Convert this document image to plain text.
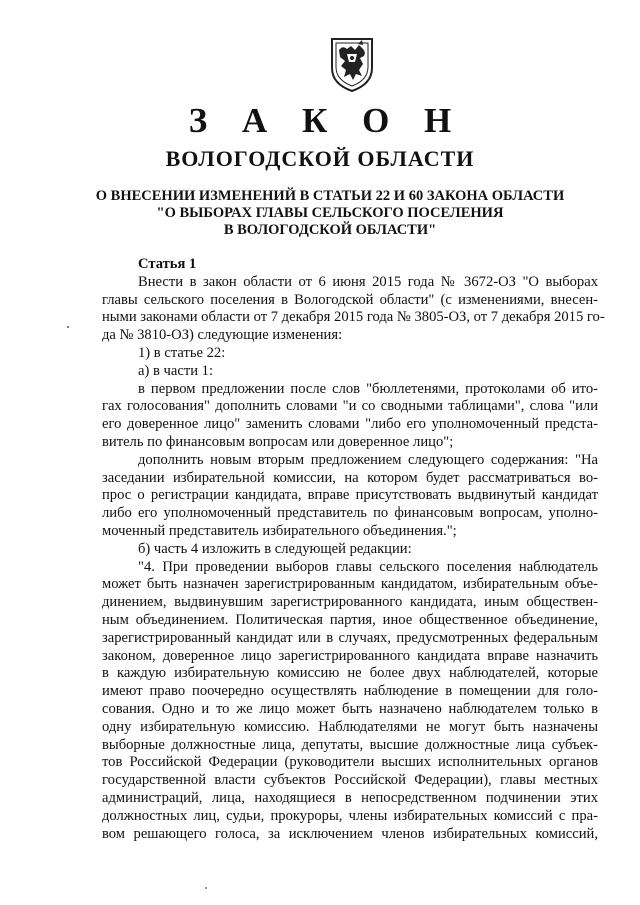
З А К О Н
ВОЛОГОДСКОЙ ОБЛАСТИ
О ВНЕСЕНИИ ИЗМЕНЕНИЙ В СТАТЬИ 22 И 60 ЗАКОНА ОБЛАСТИ
"О ВЫБОРАХ ГЛАВЫ СЕЛЬСКОГО ПОСЕЛЕНИЯ
В ВОЛОГОДСКОЙ ОБЛАСТИ"
Статья 1
Внести в закон области от 6 июня 2015 года № 3672-ОЗ "О выборах
главы сельского поселения в Вологодской области" (с изменениями, внесен-
ными законами области от 7 декабря 2015 года № 3805-ОЗ, от 7 декабря 2015 го-
да № 3810-ОЗ) следующие изменения:
1) в статье 22:
а) в части 1:
в первом предложении после слов "бюллетенями, протоколами об ито-
гах голосования" дополнить словами "и со сводными таблицами", слова "или
его доверенное лицо" заменить словами "либо его уполномоченный предста-
витель по финансовым вопросам или доверенное лицо";
дополнить новым вторым предложением следующего содержания: "На
заседании избирательной комиссии, на котором будет рассматриваться во-
прос о регистрации кандидата, вправе присутствовать выдвинутый кандидат
либо его уполномоченный представитель по финансовым вопросам, уполно-
моченный представитель избирательного объединения.";
б) часть 4 изложить в следующей редакции:
"4. При проведении выборов главы сельского поселения наблюдатель
может быть назначен зарегистрированным кандидатом, избирательным объе-
динением, выдвинувшим зарегистрированного кандидата, иным обществен-
ным объединением. Политическая партия, иное общественное объединение,
зарегистрированный кандидат или в случаях, предусмотренных федеральным
законом, доверенное лицо зарегистрированного кандидата вправе назначить
в каждую избирательную комиссию не более двух наблюдателей, которые
имеют право поочередно осуществлять наблюдение в помещении для голо-
сования. Одно и то же лицо может быть назначено наблюдателем только в
одну избирательную комиссию. Наблюдателями не могут быть назначены
выборные должностные лица, депутаты, высшие должностные лица субъек-
тов Российской Федерации (руководители высших исполнительных органов
государственной власти субъектов Российской Федерации), главы местных
администраций, лица, находящиеся в непосредственном подчинении этих
должностных лиц, судьи, прокуроры, члены избирательных комиссий с пра-
вом решающего голоса, за исключением членов избирательных комиссий,
